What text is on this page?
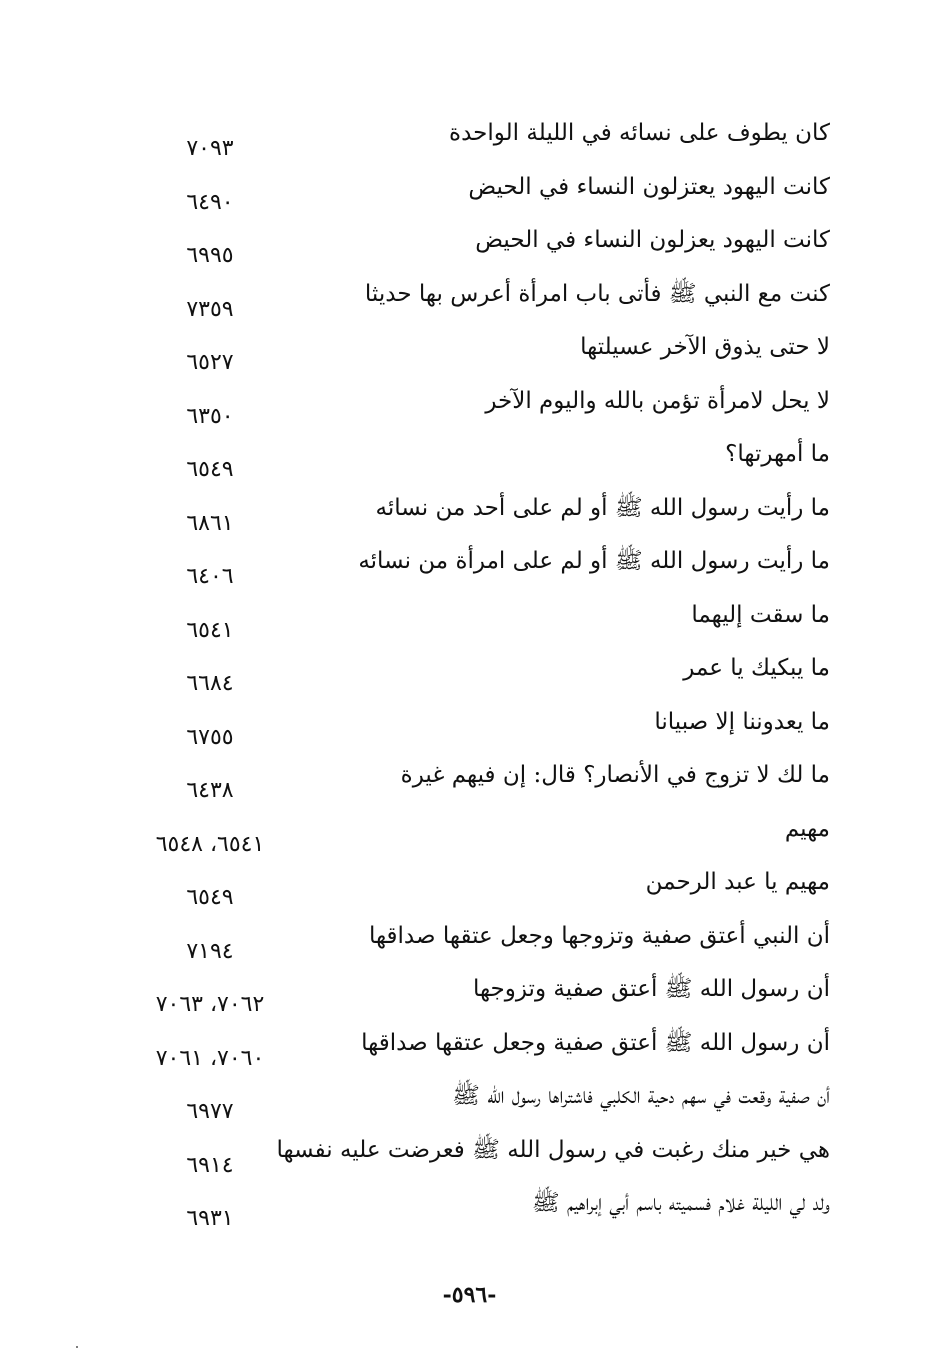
كان يطوف على نسائه في الليلة الواحدة
٧٠٩٣
كانت اليهود يعتزلون النساء في الحيض
٦٤٩٠
كانت اليهود يعزلون النساء في الحيض
٦٩٩٥
كنت مع النبي ﷺ فأتى باب امرأة أعرس بها حديثا
٧٣٥٩
لا حتى يذوق الآخر عسيلتها
٦٥٢٧
لا يحل لامرأة تؤمن بالله واليوم الآخر
٦٣٥٠
ما أمهرتها؟
٦٥٤٩
ما رأيت رسول الله ﷺ أو لم على أحد من نسائه
٦٨٦١
ما رأيت رسول الله ﷺ أو لم على امرأة من نسائه
٦٤٠٦
ما سقت إليهما
٦٥٤١
ما يبكيك يا عمر
٦٦٨٤
ما يعدوننا إلا صبيانا
٦٧٥٥
ما لك لا تزوج في الأنصار؟ قال: إن فيهم غيرة
٦٤٣٨
مهيم
٦٥٤١، ٦٥٤٨
مهيم يا عبد الرحمن
٦٥٤٩
أن النبي أعتق صفية وتزوجها وجعل عتقها صداقها
٧١٩٤
أن رسول الله ﷺ أعتق صفية وتزوجها
٧٠٦٢، ٧٠٦٣
أن رسول الله ﷺ أعتق صفية وجعل عتقها صداقها
٧٠٦٠، ٧٠٦١
أن صفية وقعت في سهم دحية الكلبي فاشتراها رسول الله ﷺ
٦٩٧٧
هي خير منك رغبت في رسول الله ﷺ فعرضت عليه نفسها
٦٩١٤
ولد لي الليلة غلام فسميته باسم أبي إبراهيم ﷺ
٦٩٣١
-٥٩٦-
